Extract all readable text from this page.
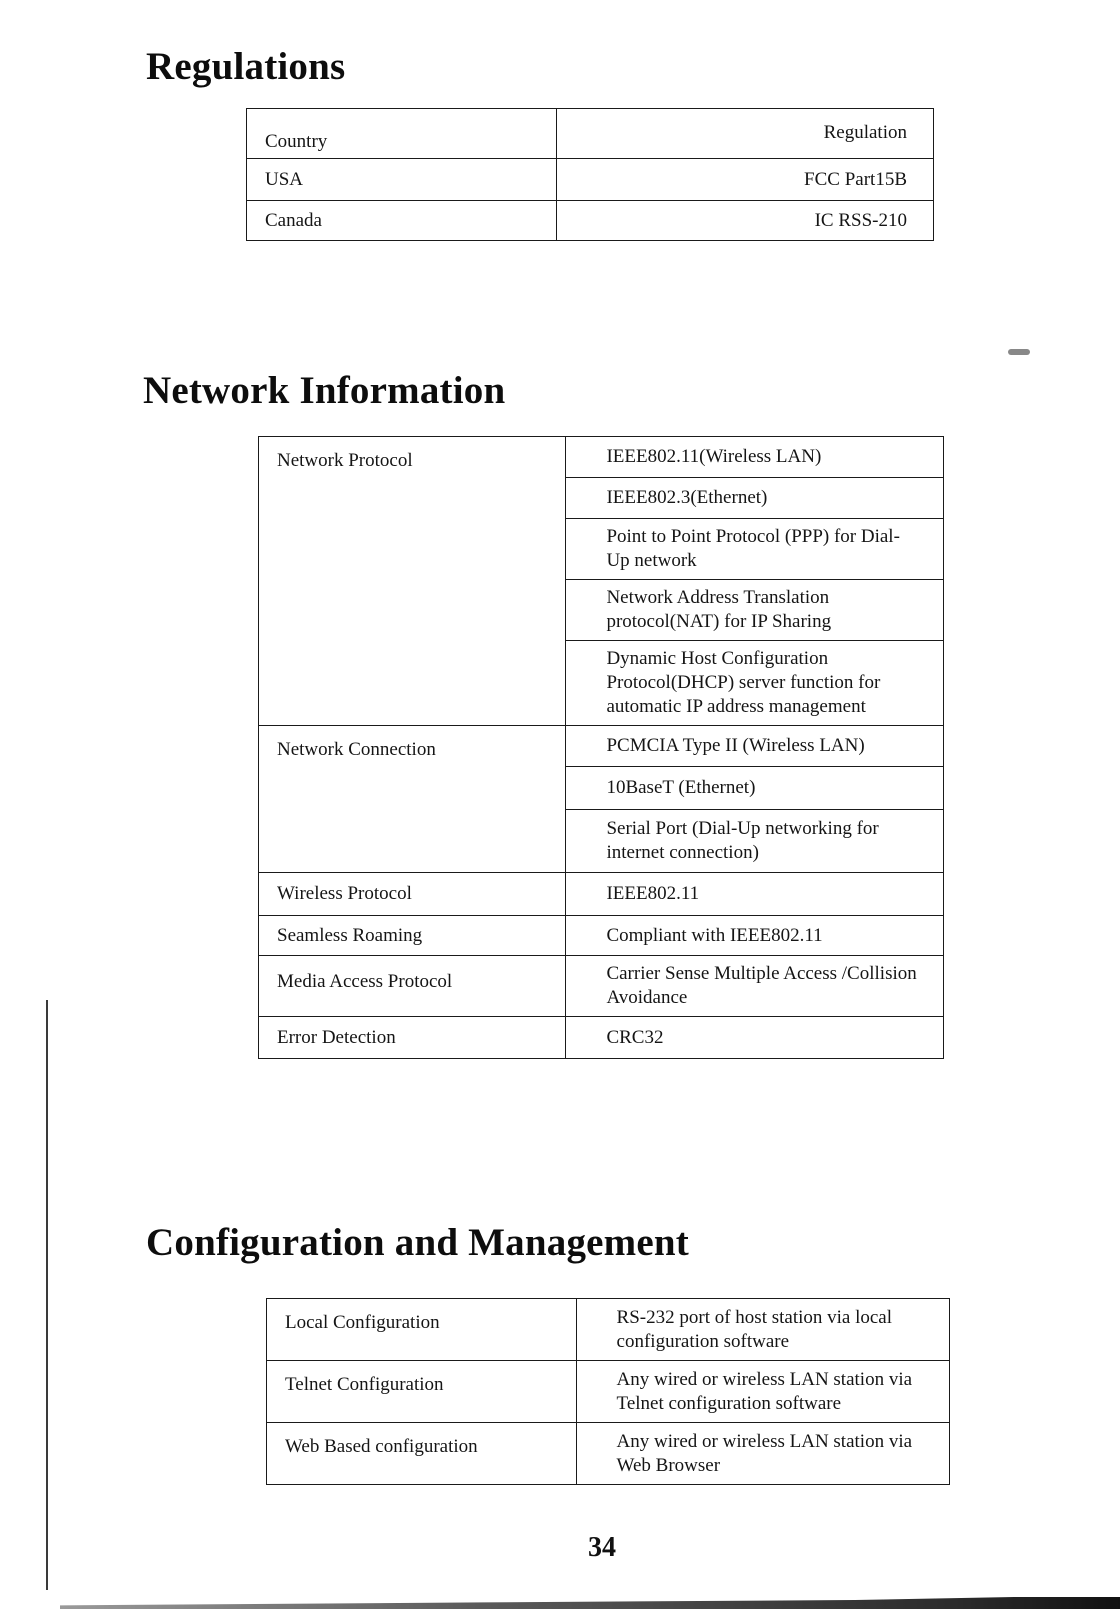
Regulations
Country	Regulation
USA	FCC Part15B
Canada	IC RSS-210
Network Information
Network Protocol	IEEE802.11(Wireless LAN)
	IEEE802.3(Ethernet)
	Point to Point Protocol (PPP) for Dial-Up network
	Network Address Translation protocol(NAT) for IP Sharing
	Dynamic Host Configuration Protocol(DHCP) server function for automatic IP address management
Network Connection	PCMCIA Type II (Wireless LAN)
	10BaseT (Ethernet)
	Serial Port (Dial-Up networking for internet connection)
Wireless Protocol	IEEE802.11
Seamless Roaming	Compliant with IEEE802.11
Media Access Protocol	Carrier Sense Multiple Access /Collision Avoidance
Error Detection	CRC32
Configuration and Management
Local Configuration	RS-232 port of host station via local configuration software
Telnet Configuration	Any wired or wireless LAN station via Telnet configuration software
Web Based configuration	Any wired or wireless LAN station via Web Browser

34
